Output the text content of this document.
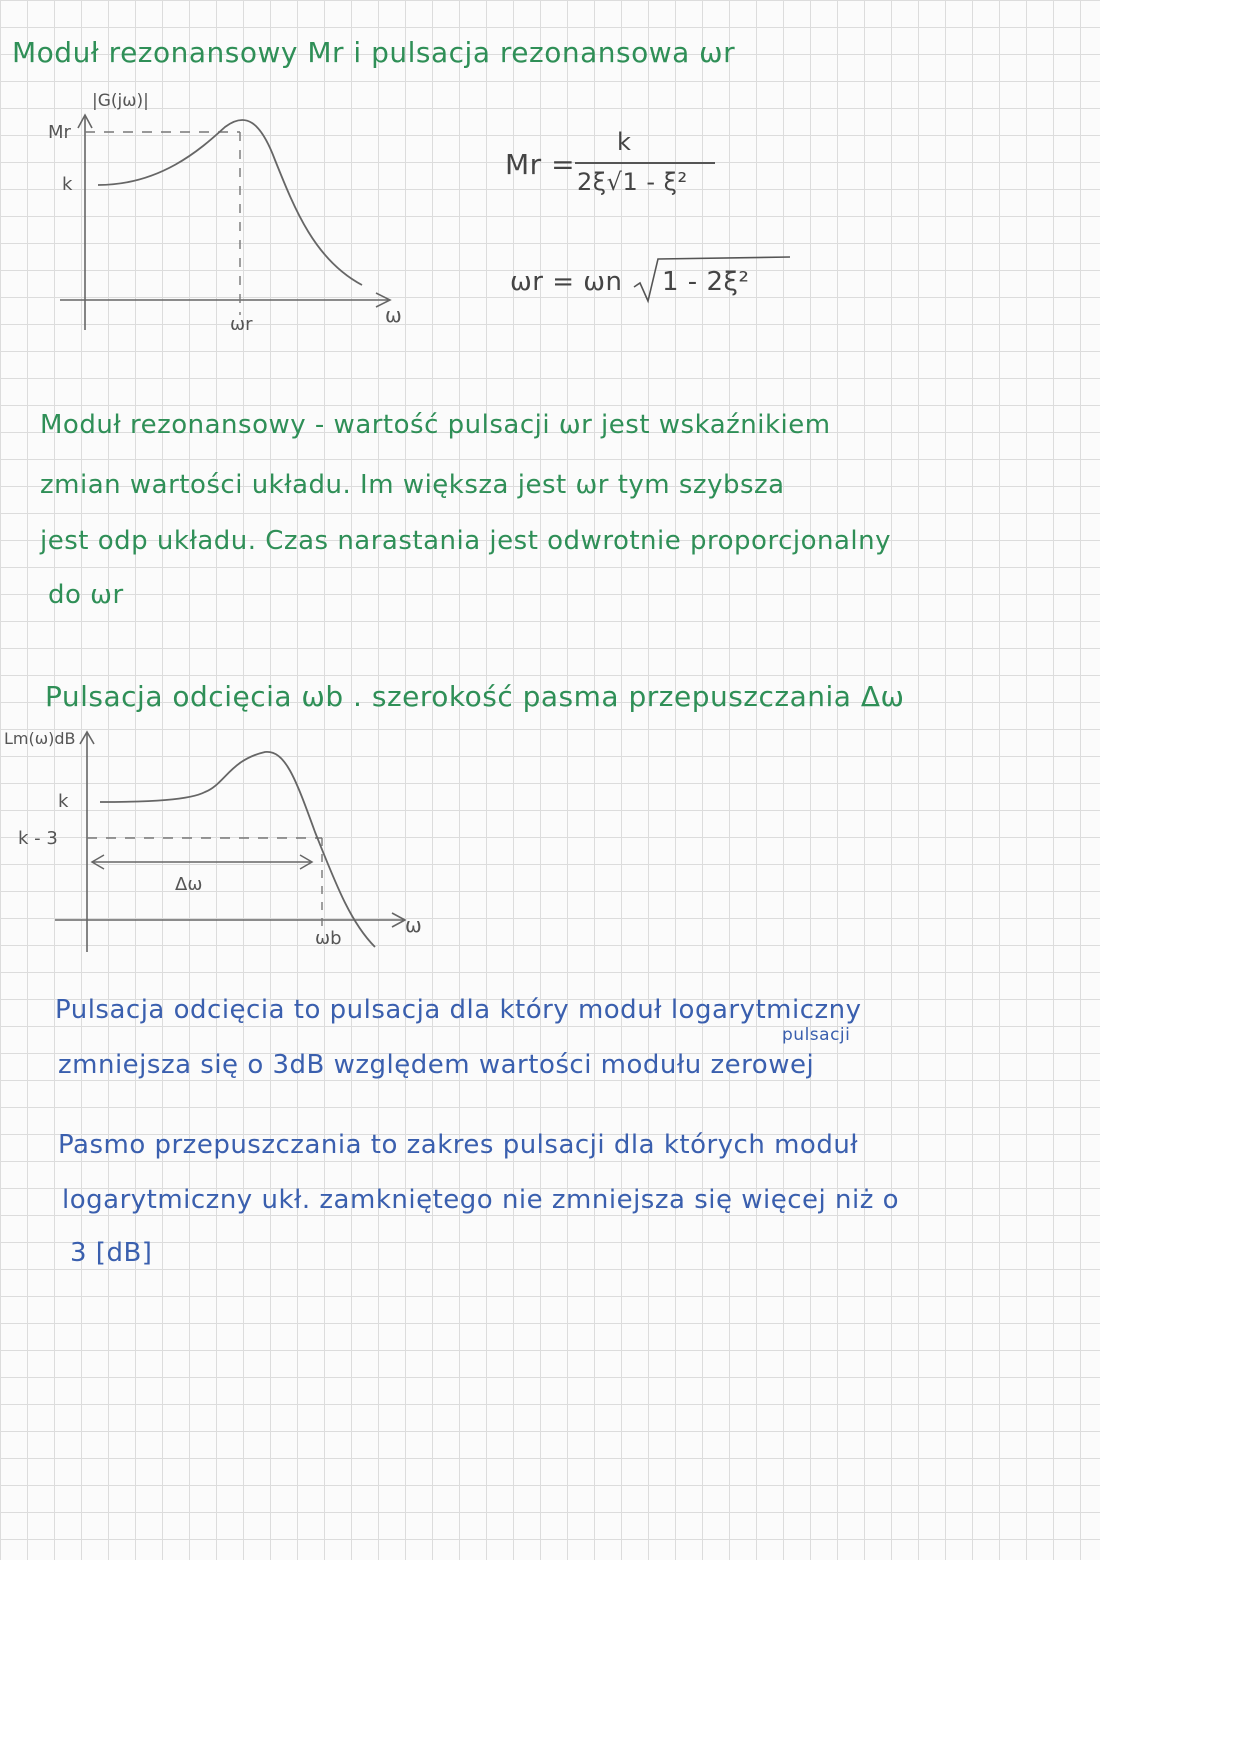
Moduł rezonansowy Mr i pulsacja rezonansowa ωr

|G(jω)|
Mr
k
ω
ωr
Mr =
k
2ξ√1 - ξ²
ωr = ωn 1 - 2ξ²

Moduł rezonansowy - wartość pulsacji ωr jest wskaźnikiem

zmian wartości układu. Im większa jest ωr tym szybsza

jest odp układu. Czas narastania jest odwrotnie proporcjonalny

do ωr

Pulsacja odcięcia ωb . szerokość pasma przepuszczania Δω

Lm(ω)dB
k
k - 3
Δω
ω
ωb

Pulsacja odcięcia to pulsacja dla który moduł logarytmiczny

pulsacji

zmniejsza się o 3dB względem wartości modułu zerowej

Pasmo przepuszczania to zakres pulsacji dla których moduł

logarytmiczny ukł. zamkniętego nie zmniejsza się więcej niż o

3 [dB]
